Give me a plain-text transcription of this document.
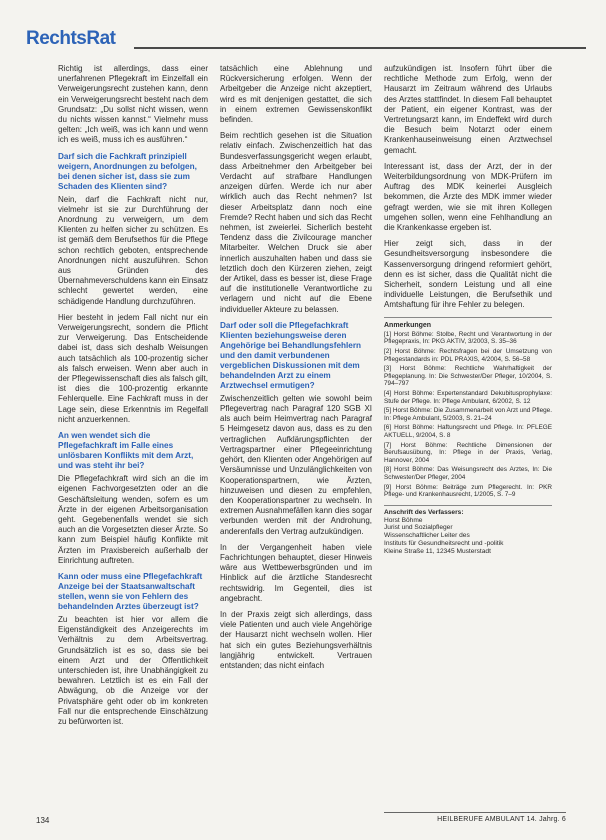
RechtsRat

Richtig ist allerdings, dass einer unerfahrenen Pflegekraft im Einzelfall ein Verweigerungsrecht zustehen kann, denn ein Verweigerungsrecht besteht nach dem Grundsatz: „Du sollst nicht wissen, wenn du nichts wissen kannst.“ Vielmehr muss gelten: „Ich weiß, was ich kann und wenn ich es weiß, muss ich es ausführen.“

Darf sich die Fachkraft prinzipiell weigern, Anordnungen zu befolgen, bei denen sicher ist, dass sie zum Schaden des Klienten sind?

Nein, darf die Fachkraft nicht nur, vielmehr ist sie zur Durchführung der Anordnung zu verweigern, um dem Klienten zu helfen sicher zu schützen. Es ist gemäß dem Berufsethos für die Pflege schon rechtlich geboten, entsprechende Anordnungen nicht auszuführen. Schon aus Gründen des Übernahmeverschuldens kann ein Einsatz schlecht gewertet werden, eine schädigende Handlung durchzuführen.

Hier besteht in jedem Fall nicht nur ein Verweigerungsrecht, sondern die Pflicht zur Verweigerung. Das Entscheidende dabei ist, dass sich deshalb Weisungen auch tatsächlich als 100-prozentig sicher als falsch erweisen. Wenn aber auch in der Pflegewissenschaft dies als falsch gilt, ist dies die 100-prozentig erkannte Fehlerquelle. Eine Fachkraft muss in der Lage sein, diese Erkenntnis im Regelfall nicht anzuerkennen.

An wen wendet sich die Pflegefachkraft im Falle eines unlösbaren Konflikts mit dem Arzt, und was steht ihr bei?

Die Pflegefachkraft wird sich an die im eigenen Fachvorgesetzten oder an die Geschäftsleitung wenden, sofern es um Ärzte in der eigenen Arbeitsorganisation geht. Gegebenenfalls wendet sie sich auch an die Vorgesetzten dieser Ärzte. So kann zum Beispiel häufig Konflikte mit Ärzten im Praxisbereich außerhalb der Einrichtung auftreten.

Kann oder muss eine Pflegefachkraft Anzeige bei der Staatsanwaltschaft stellen, wenn sie von Fehlern des behandelnden Arztes überzeugt ist?

Zu beachten ist hier vor allem die Eigenständigkeit des Anzeigerechts im Verhältnis zu dem Arbeitsvertrag. Grundsätzlich ist es so, dass sie bei einem Arzt und der Öffentlichkeit unterschieden ist, ihre Unabhängigkeit zu bewahren. Letztlich ist es ein Fall der Abwägung, ob die Anzeige vor der Privatsphäre geht oder ob im konkreten Fall nur die entsprechende Einschätzung zu befürworten ist.

tatsächlich eine Ablehnung und Rückversicherung erfolgen. Wenn der Arbeitgeber die Anzeige nicht akzeptiert, wird es mit denjenigen gestattet, die sich in einem extremen Gewissenskonflikt befinden.

Beim rechtlich gesehen ist die Situation relativ einfach. Zwischenzeitlich hat das Bundesverfassungsgericht wegen erlaubt, dass Arbeitnehmer den Arbeitgeber bei Verdacht auf strafbare Handlungen anzeigen dürfen. Werde ich nur aber wirklich auch das Recht nehmen? Ist dieser Arbeitsplatz dann noch eine Fremde? Recht haben und sich das Recht nehmen, ist zweierlei. Sicherlich besteht Tendenz dass die Zivilcourage mancher Mitarbeiter. Welchen Druck sie aber innerlich auszuhalten haben und dass sie letztlich doch den Kürzeren ziehen, zeigt der Artikel, dass es besser ist, diese Frage auf die institutionelle Verantwortliche zu verlagern und nicht auf die Ebene individueller Akteure zu belassen.

Darf oder soll die Pflegefachkraft Klienten beziehungsweise deren Angehörige bei Behandlungsfehlern und den damit verbundenen vergeblichen Diskussionen mit dem behandelnden Arzt zu einem Arztwechsel ermutigen?

Zwischenzeitlich gelten wie sowohl beim Pflegevertrag nach Paragraf 120 SGB XI als auch beim Heimvertrag nach Paragraf 5 Heimgesetz davon aus, dass es zu den vertraglichen Aufklärungspflichten der Vertragspartner einer Pflegeeinrichtung gehört, den Klienten oder Angehörigen auf Versäumnisse und Unzulänglichkeiten von Kooperationspartnern, wie Ärzten, hinzuweisen und diesen zu empfehlen, den Kooperationspartner zu wechseln. In extremen Ausnahmefällen kann dies sogar verbunden werden mit der Androhung, anderenfalls den Vertrag aufzukündigen.

In der Vergangenheit haben viele Fachrichtungen behauptet, dieser Hinweis wäre aus Wettbewerbsgründen und im Hinblick auf die ärztliche Standesrecht rechtswidrig. Im Gegenteil, dies ist angebracht.

In der Praxis zeigt sich allerdings, dass viele Patienten und auch viele Angehörige der Hausarzt nicht wechseln wollen. Hier hat sich ein gutes Beziehungsverhältnis langjährig entwickelt. Vertrauen entstanden; das nicht einfach

aufzukündigen ist. Insofern führt über die rechtliche Methode zum Erfolg, wenn der Hausarzt im Zeitraum während des Urlaubs des Arztes stattfindet. In diesem Fall behauptet der Patient, ein eigener Kontrast, was der Vertretungsarzt kann, im Endeffekt wird durch die Besuch beim Notarzt oder einem Krankenhauseinweisung einen Arztwechsel gemacht.

Interessant ist, dass der Arzt, der in der Weiterbildungsordnung von MDK-Prüfern im Auftrag des MDK keinerlei Ausgleich bekommen, die Ärzte des MDK immer wieder gefragt werden, wie sie mit ihren Kollegen umgehen sollen, wenn eine Fehlhandlung an die Krankenkasse ergeben ist.

Hier zeigt sich, dass in der Gesundheitsversorgung insbesondere die Kassenversorgung dringend reformiert gehört, denn es ist sicher, dass die Qualität nicht die Sicherheit, sondern Leistung und all eine individuelle Leistungen, die Berufsethik und Amtshaftung für ihre Fehler zu belegen.

Anmerkungen

[1] Horst Böhme: Stolbe, Recht und Verantwortung in der Pflegepraxis, In: PKG AKTIV, 3/2003, S. 35–36

[2] Horst Böhme: Rechtsfragen bei der Umsetzung von Pflegestandards in: PDL PRAXIS, 4/2004, S. 56–58

[3] Horst Böhme: Rechtliche Wahrhaftigkeit der Pflegeplanung. In: Die Schwester/Der Pfleger, 10/2004, S. 794–797

[4] Horst Böhme: Expertenstandard Dekubitusprophylaxe: Stufe der Pflege. In: Pflege Ambulant, 6/2002, S. 12

[5] Horst Böhme: Die Zusammenarbeit von Arzt und Pflege. In: Pflege Ambulant, 5/2003, S. 21–24

[6] Horst Böhme: Haftungsrecht und Pflege. In: PFLEGE AKTUELL, 9/2004, S. 8

[7] Horst Böhme: Rechtliche Dimensionen der Berufsausübung, In: Pflege in der Praxis, Verlag, Hannover, 2004

[8] Horst Böhme: Das Weisungsrecht des Arztes, In: Die Schwester/Der Pfleger, 2004

[9] Horst Böhme: Beiträge zum Pflegerecht. In: PKR Pflege- und Krankenhausrecht, 1/2005, S. 7–9

Anschrift des Verfassers:
Horst Böhme
Jurist und Sozialpfleger
Wissenschaftlicher Leiter des
Instituts für Gesundheitsrecht und -politik
Kleine Straße 11, 12345 Musterstadt
134	HEILBERUFE AMBULANT 14. Jahrg. 6
